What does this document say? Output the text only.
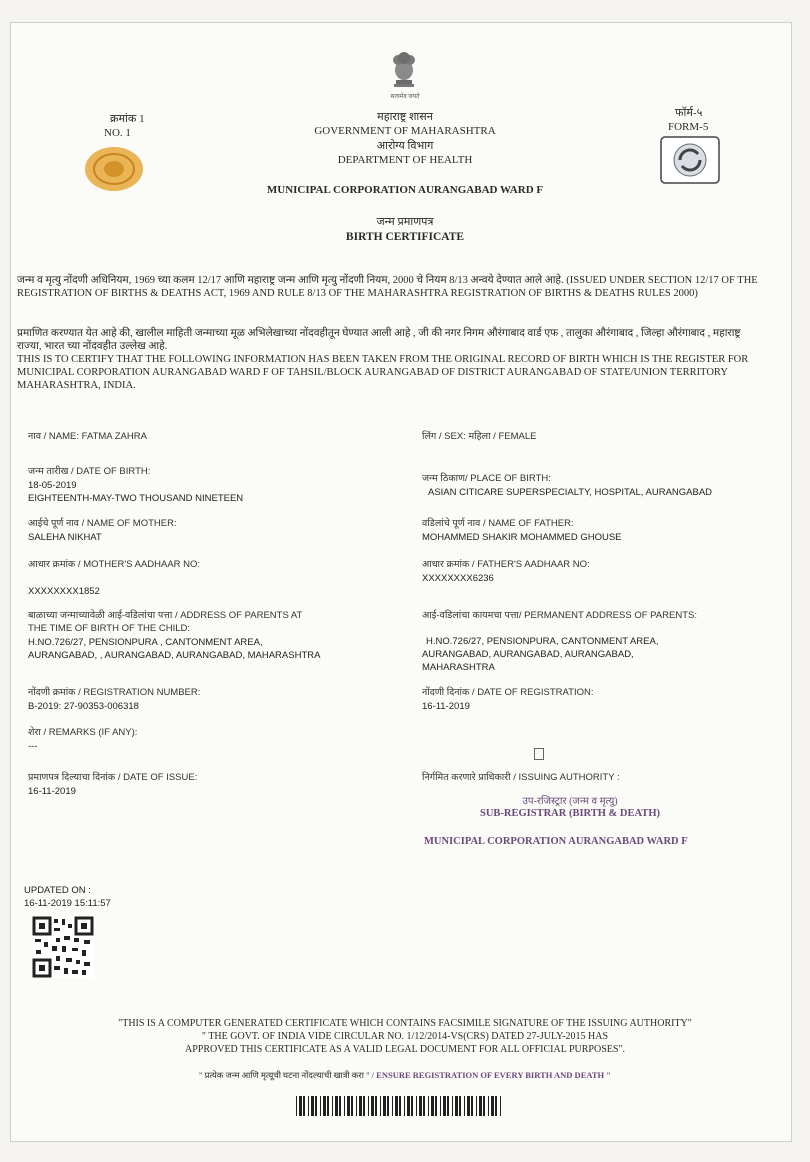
सत्यमेव जयते
क्रमांक 1
NO. 1
महाराष्ट्र शासन
GOVERNMENT OF MAHARASHTRA
आरोग्य विभाग
DEPARTMENT OF HEALTH
फॉर्म-५
FORM-5
MUNICIPAL CORPORATION AURANGABAD WARD F
जन्म प्रमाणपत्र
BIRTH CERTIFICATE
जन्म व मृत्यु नोंदणी अधिनियम, 1969 च्या कलम 12/17 आणि महाराष्ट्र जन्म आणि मृत्यु नोंदणी नियम, 2000 चे नियम 8/13 अन्वये देण्यात आले आहे. (ISSUED UNDER SECTION 12/17 OF THE REGISTRATION OF BIRTHS & DEATHS ACT, 1969 AND RULE 8/13 OF THE MAHARASHTRA REGISTRATION OF BIRTHS & DEATHS RULES 2000)
प्रमाणित करण्यात येत आहे की, खालील माहिती जन्माच्या मूळ अभिलेखाच्या नोंदवहीतून घेण्यात आली आहे , जी की नगर निगम औरंगाबाद वार्ड एफ , तालुका औरंगाबाद , जिल्हा औरंगाबाद , महाराष्ट्र राज्या, भारत च्या नोंदवहीत उल्लेख आहे.
THIS IS TO CERTIFY THAT THE FOLLOWING INFORMATION HAS BEEN TAKEN FROM THE ORIGINAL RECORD OF BIRTH WHICH IS THE REGISTER FOR MUNICIPAL CORPORATION AURANGABAD WARD F OF TAHSIL/BLOCK AURANGABAD OF DISTRICT AURANGABAD OF STATE/UNION TERRITORY MAHARASHTRA, INDIA.
नाव / NAME: FATMA ZAHRA
जन्म तारीख / DATE OF BIRTH:
18-05-2019
EIGHTEENTH-MAY-TWO THOUSAND NINETEEN
आईचे पूर्ण नाव / NAME OF MOTHER:
SALEHA NIKHAT
आधार क्रमांक / MOTHER'S AADHAAR NO:
XXXXXXXX1852
बाळाच्या जन्माच्यावेळी आई-वडिलांचा पत्ता / ADDRESS OF PARENTS AT
THE TIME OF BIRTH OF THE CHILD:
H.NO.726/27, PENSIONPURA , CANTONMENT AREA,
AURANGABAD, , AURANGABAD, AURANGABAD, MAHARASHTRA
नोंदणी क्रमांक / REGISTRATION NUMBER:
B-2019: 27-90353-006318
शेरा / REMARKS (IF ANY):
---
प्रमाणपत्र दिल्याचा दिनांक / DATE OF ISSUE:
16-11-2019
लिंग / SEX: महिला / FEMALE
जन्म ठिकाण/ PLACE OF BIRTH:
ASIAN CITICARE SUPERSPECIALTY, HOSPITAL, AURANGABAD
वडिलांचे पूर्ण नाव / NAME OF FATHER:
MOHAMMED SHAKIR MOHAMMED GHOUSE
आधार क्रमांक / FATHER'S AADHAAR NO:
XXXXXXXX6236
आई-वडिलांचा कायमचा पत्ता/ PERMANENT ADDRESS OF PARENTS:
H.NO.726/27, PENSIONPURA, CANTONMENT AREA,
AURANGABAD, AURANGABAD, AURANGABAD,
MAHARASHTRA
नोंदणी दिनांक / DATE OF REGISTRATION:
16-11-2019
निर्गमित करणारे प्राधिकारी / ISSUING AUTHORITY :
उप-रजिस्ट्रार (जन्म व मृत्यु)
SUB-REGISTRAR (BIRTH & DEATH)
MUNICIPAL CORPORATION AURANGABAD WARD F
UPDATED ON :
16-11-2019 15:11:57
"THIS IS A COMPUTER GENERATED CERTIFICATE WHICH CONTAINS FACSIMILE SIGNATURE OF THE ISSUING AUTHORITY"
" THE GOVT. OF INDIA VIDE CIRCULAR NO. 1/12/2014-VS(CRS) DATED 27-JULY-2015 HAS
APPROVED THIS CERTIFICATE AS A VALID LEGAL DOCUMENT FOR ALL OFFICIAL PURPOSES".
" प्रत्येक जन्म आणि मृत्यूची घटना नोंदल्याची खात्री करा " / ENSURE REGISTRATION OF EVERY BIRTH AND DEATH "
